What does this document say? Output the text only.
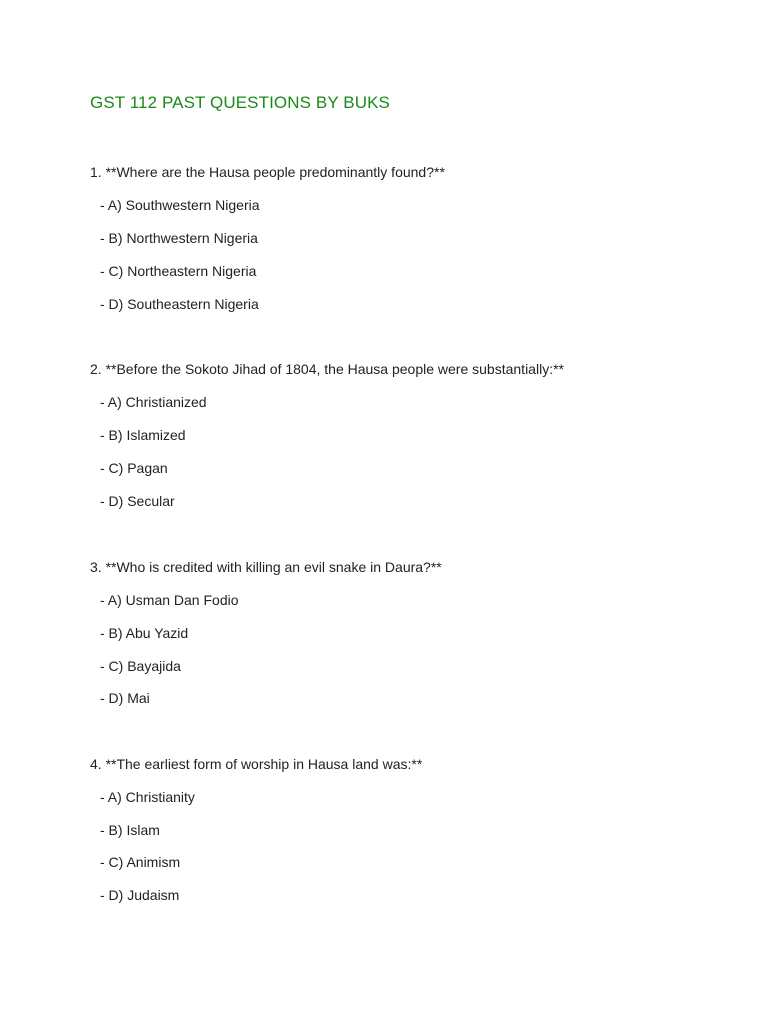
GST 112 PAST QUESTIONS BY BUKS
1. **Where are the Hausa people predominantly found?**
- A) Southwestern Nigeria
- B) Northwestern Nigeria
- C) Northeastern Nigeria
- D) Southeastern Nigeria
2. **Before the Sokoto Jihad of 1804, the Hausa people were substantially:**
- A) Christianized
- B) Islamized
- C) Pagan
- D) Secular
3. **Who is credited with killing an evil snake in Daura?**
- A) Usman Dan Fodio
- B) Abu Yazid
- C) Bayajida
- D) Mai
4. **The earliest form of worship in Hausa land was:**
- A) Christianity
- B) Islam
- C) Animism
- D) Judaism
